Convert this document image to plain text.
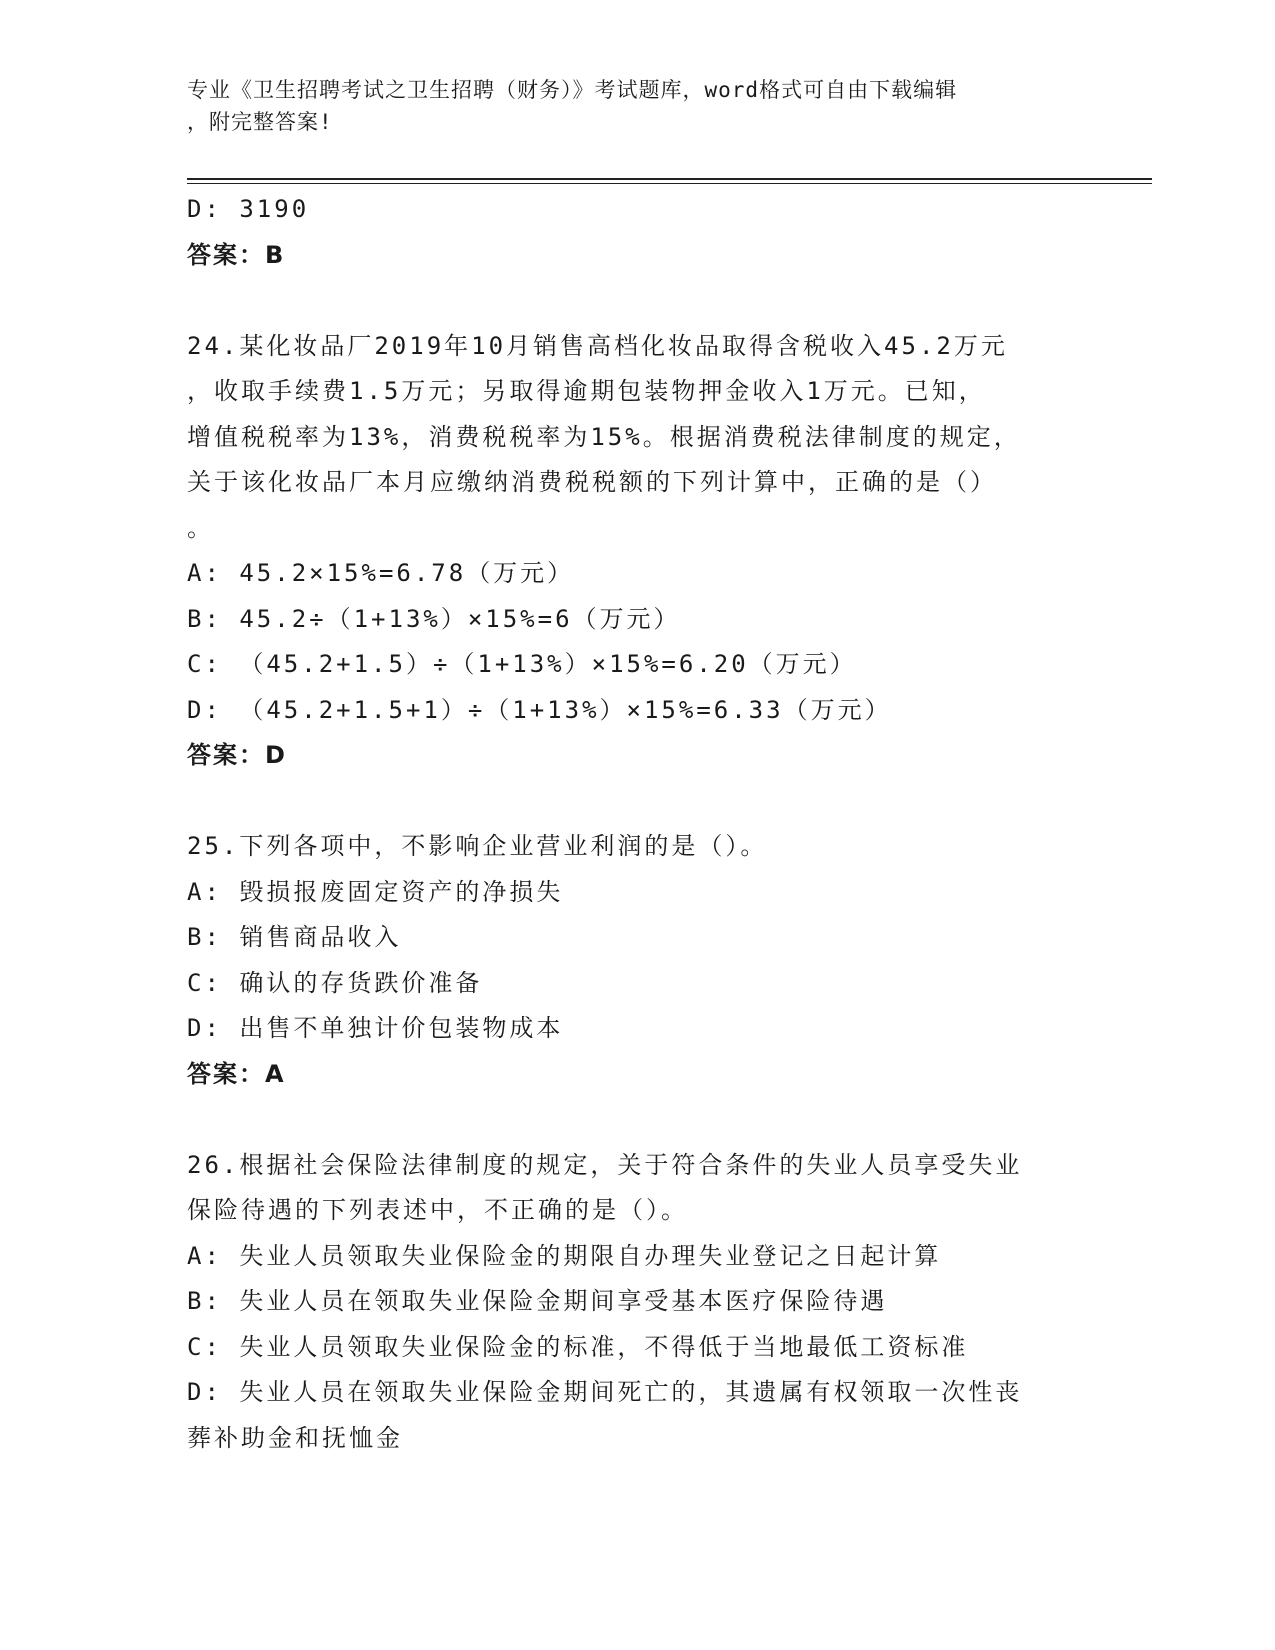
专业《卫生招聘考试之卫生招聘（财务）》考试题库，word格式可自由下载编辑
，附完整答案!
D: 3190
答案：B
24.某化妆品厂2019年10月销售高档化妆品取得含税收入45.2万元
，收取手续费1.5万元；另取得逾期包装物押金收入1万元。已知，
增值税税率为13%，消费税税率为15%。根据消费税法律制度的规定，
关于该化妆品厂本月应缴纳消费税税额的下列计算中，正确的是（）
。
A: 45.2×15%=6.78（万元）
B: 45.2÷（1+13%）×15%=6（万元）
C: （45.2+1.5）÷（1+13%）×15%=6.20（万元）
D: （45.2+1.5+1）÷（1+13%）×15%=6.33（万元）
答案：D
25.下列各项中，不影响企业营业利润的是（）。
A: 毁损报废固定资产的净损失
B: 销售商品收入
C: 确认的存货跌价准备
D: 出售不单独计价包装物成本
答案：A
26.根据社会保险法律制度的规定，关于符合条件的失业人员享受失业
保险待遇的下列表述中，不正确的是（）。
A: 失业人员领取失业保险金的期限自办理失业登记之日起计算
B: 失业人员在领取失业保险金期间享受基本医疗保险待遇
C: 失业人员领取失业保险金的标准，不得低于当地最低工资标准
D: 失业人员在领取失业保险金期间死亡的，其遗属有权领取一次性丧
葬补助金和抚恤金
